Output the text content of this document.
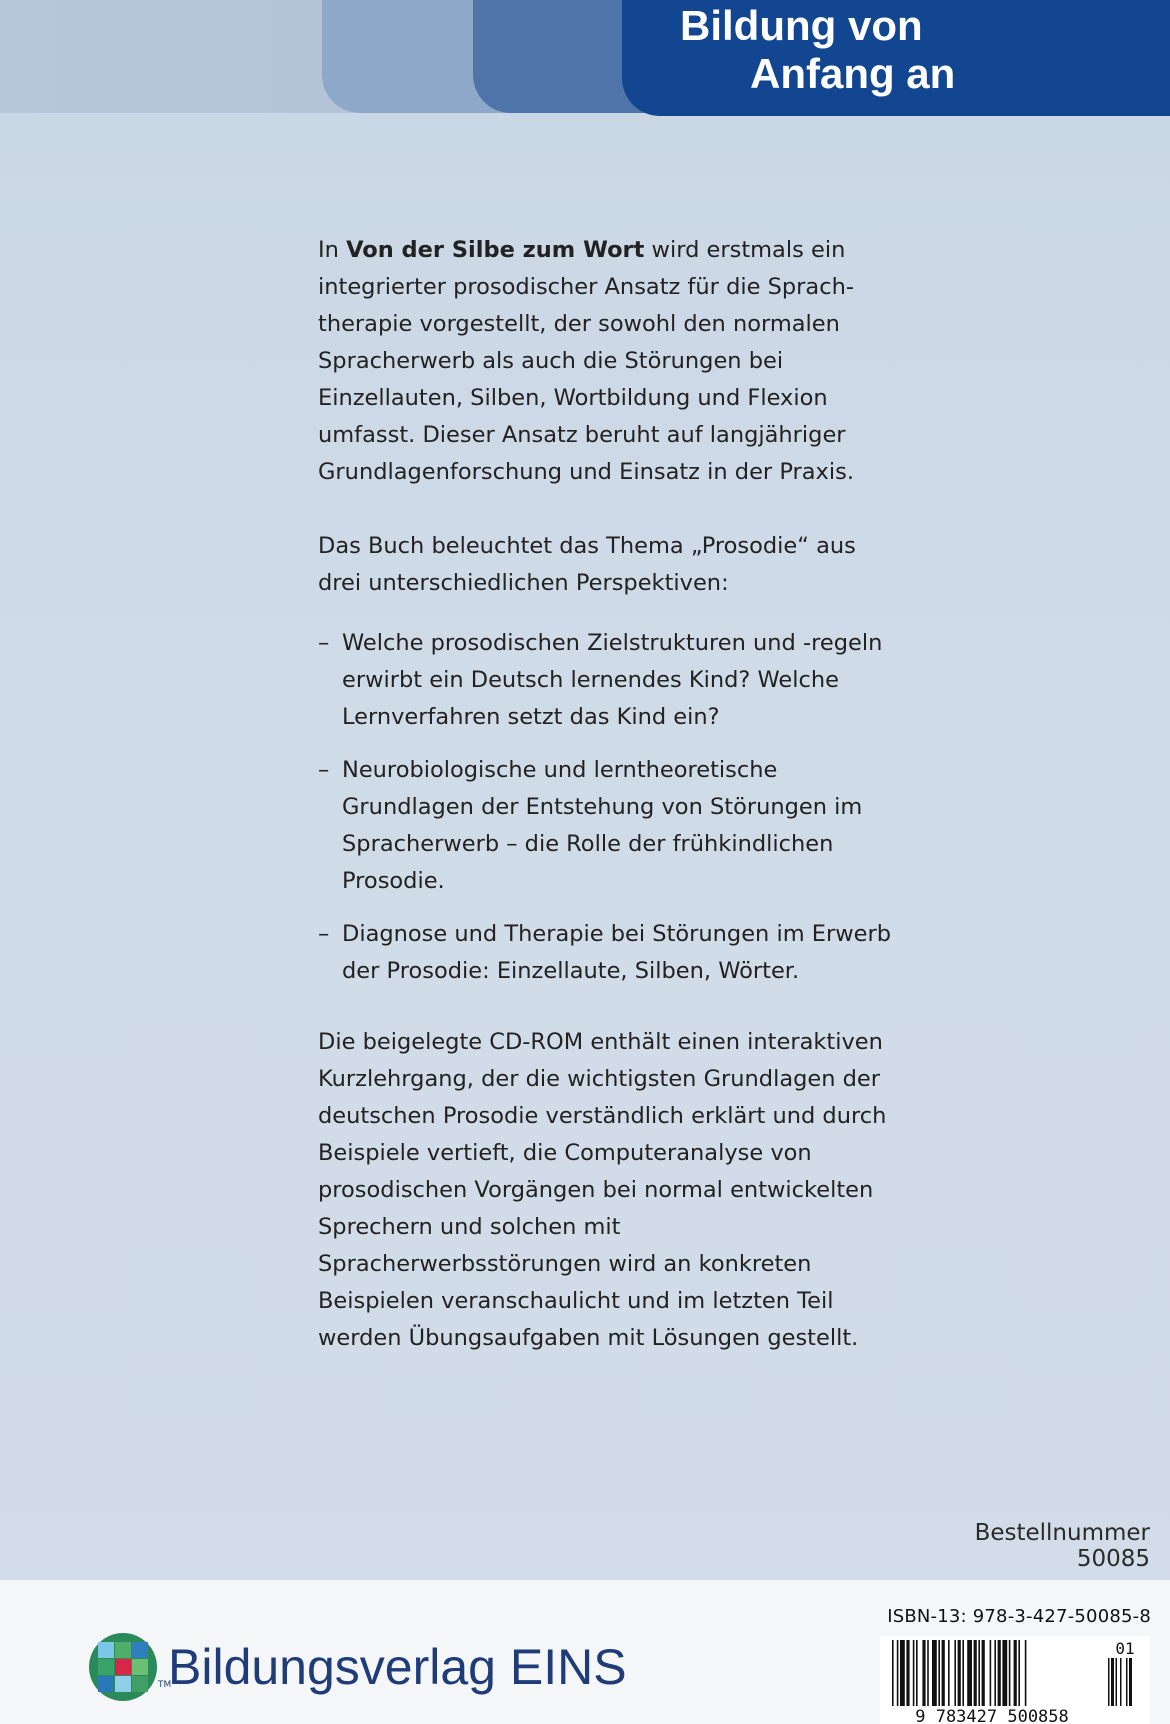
Bildung von
Anfang an

In Von der Silbe zum Wort wird erstmals ein integrierter prosodischer Ansatz für die Sprachtherapie vorgestellt, der sowohl den normalen Spracherwerb als auch die Störungen bei Einzellauten, Silben, Wortbildung und Flexion umfasst. Dieser Ansatz beruht auf langjähriger Grundlagenforschung und Einsatz in der Praxis.

Das Buch beleuchtet das Thema „Prosodie“ aus drei unterschiedlichen Perspektiven:

– Welche prosodischen Zielstrukturen und -regeln erwirbt ein Deutsch lernendes Kind? Welche Lernverfahren setzt das Kind ein?
– Neurobiologische und lerntheoretische Grundlagen der Entstehung von Störungen im Spracherwerb – die Rolle der frühkindlichen Prosodie.
– Diagnose und Therapie bei Störungen im Erwerb der Prosodie: Einzellaute, Silben, Wörter.

Die beigelegte CD-ROM enthält einen interaktiven Kurzlehrgang, der die wichtigsten Grundlagen der deutschen Prosodie verständlich erklärt und durch Beispiele vertieft, die Computeranalyse von prosodischen Vorgängen bei normal entwickelten Sprechern und solchen mit Spracherwerbsstörungen wird an konkreten Beispielen veranschaulicht und im letzten Teil werden Übungsaufgaben mit Lösungen gestellt.

Bestellnummer 50085
TM
Bildungsverlag EINS
ISBN-13: 978-3-427-50085-8
01
9 783427 500858
